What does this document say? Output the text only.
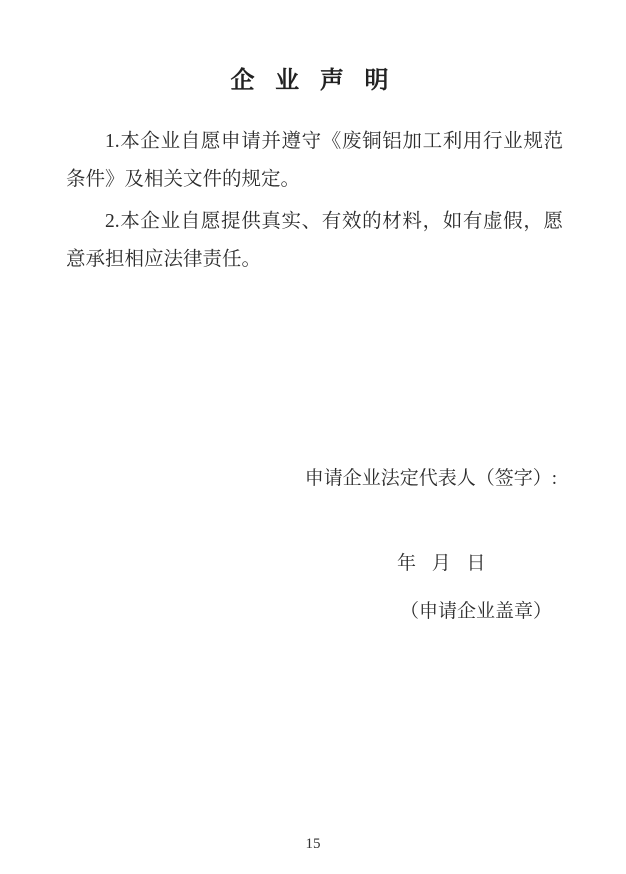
企 业 声 明

1.本企业自愿申请并遵守《废铜铝加工利用行业规范条件》及相关文件的规定。

2.本企业自愿提供真实、有效的材料，如有虚假，愿意承担相应法律责任。

申请企业法定代表人（签字）:
年 月 日
（申请企业盖章）
15
